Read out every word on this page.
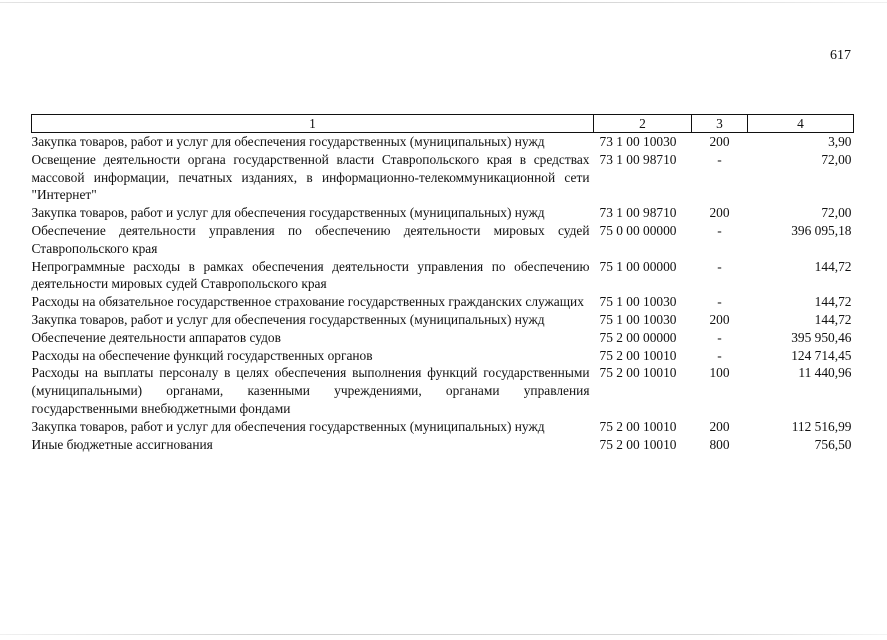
617
1	2	3	4
Закупка товаров, работ и услуг для обеспечения государственных (муниципальных) нужд	73 1 00 10030	200	3,90
Освещение деятельности органа государственной власти Ставропольского края в средствах массовой информации, печатных изданиях, в информационно-телекоммуникационной сети "Интернет"	73 1 00 98710	-	72,00
Закупка товаров, работ и услуг для обеспечения государственных (муниципальных) нужд	73 1 00 98710	200	72,00
Обеспечение деятельности управления по обеспечению деятельности мировых судей Ставропольского края	75 0 00 00000	-	396 095,18
Непрограммные расходы в рамках обеспечения деятельности управления по обеспечению деятельности мировых судей Ставропольского края	75 1 00 00000	-	144,72
Расходы на обязательное государственное страхование государственных гражданских служащих	75 1 00 10030	-	144,72
Закупка товаров, работ и услуг для обеспечения государственных (муниципальных) нужд	75 1 00 10030	200	144,72
Обеспечение деятельности аппаратов судов	75 2 00 00000	-	395 950,46
Расходы на обеспечение функций государственных органов	75 2 00 10010	-	124 714,45
Расходы на выплаты персоналу в целях обеспечения выполнения функций государственными (муниципальными) органами, казенными учреждениями, органами управления государственными внебюджетными фондами	75 2 00 10010	100	11 440,96
Закупка товаров, работ и услуг для обеспечения государственных (муниципальных) нужд	75 2 00 10010	200	112 516,99
Иные бюджетные ассигнования	75 2 00 10010	800	756,50
